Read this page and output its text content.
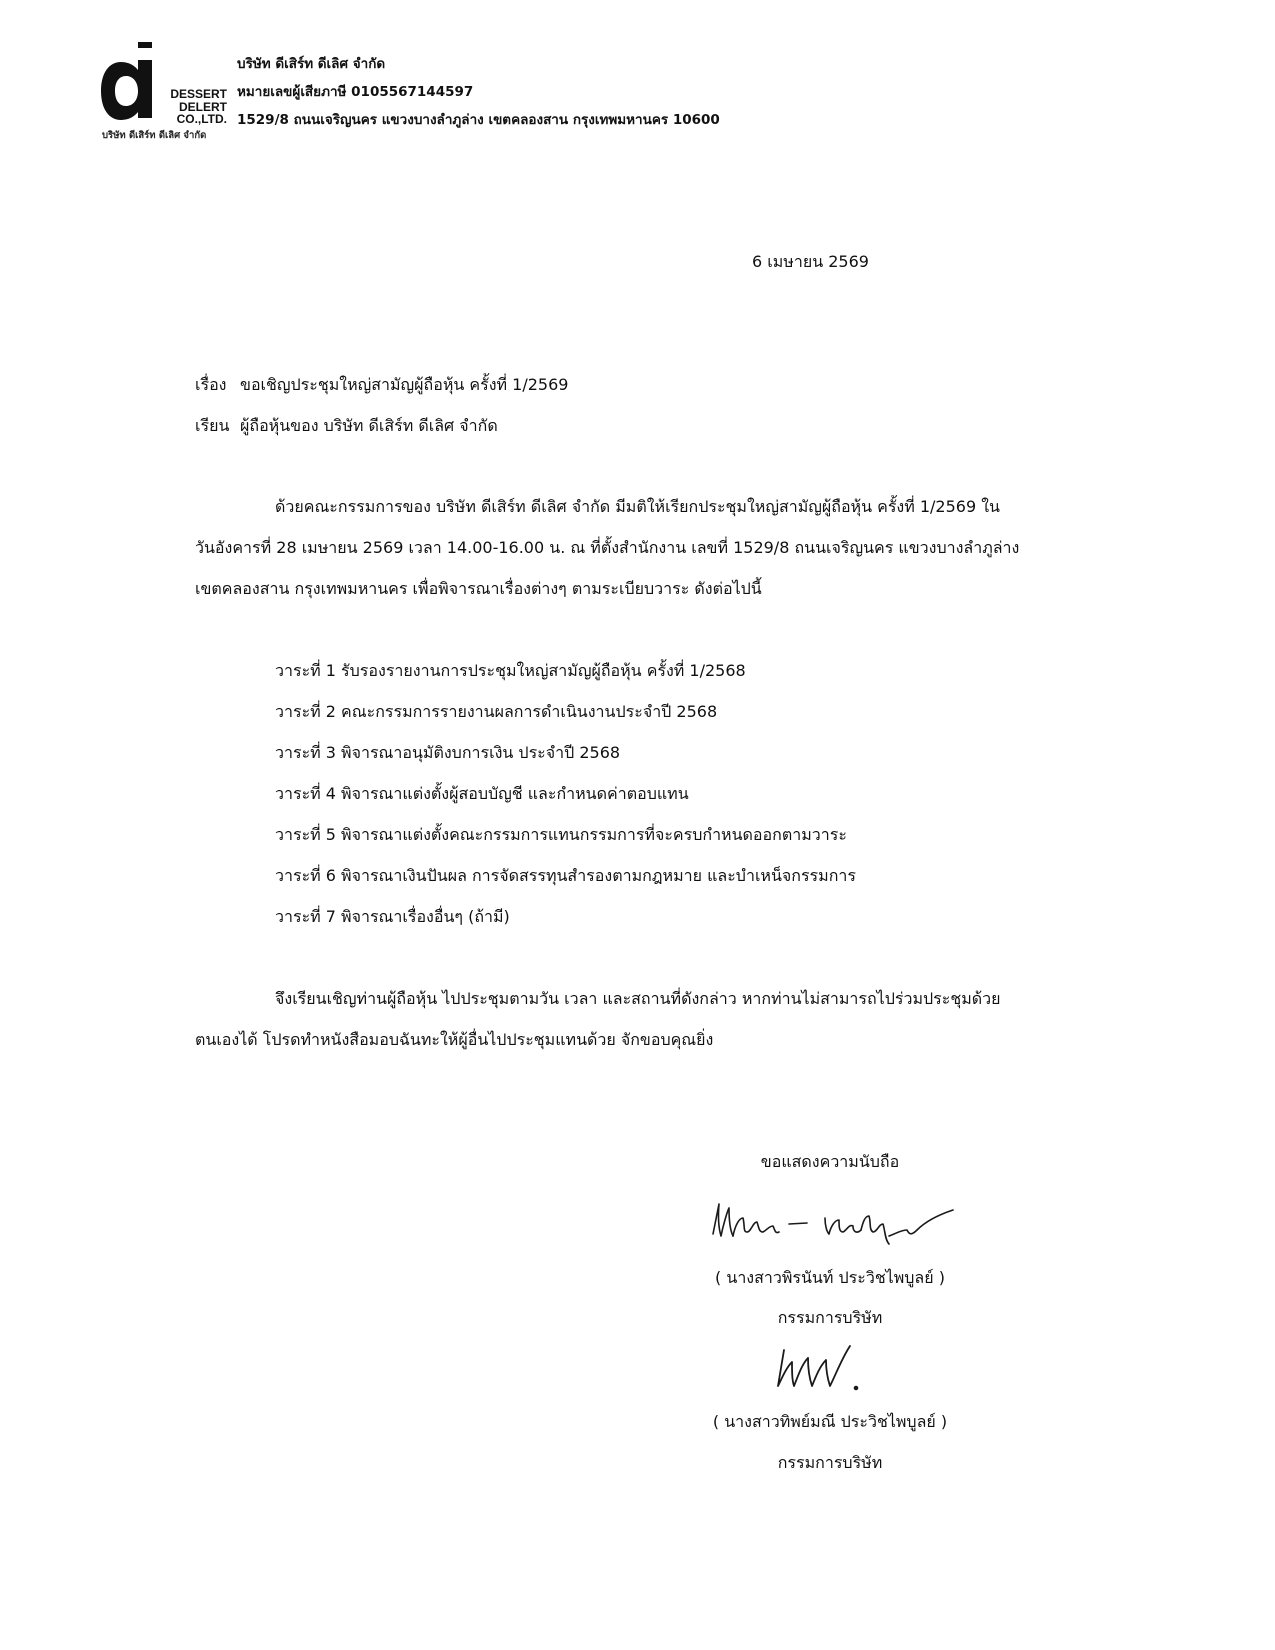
DESSERT
DELERT
CO.,LTD.
บริษัท ดีเสิร์ท ดีเลิศ จำกัด
บริษัท ดีเสิร์ท ดีเลิศ จำกัด
หมายเลขผู้เสียภาษี 0105567144597
1529/8 ถนนเจริญนคร แขวงบางลำภูล่าง เขตคลองสาน กรุงเทพมหานคร 10600
6 เมษายน 2569
เรื่อง ขอเชิญประชุมใหญ่สามัญผู้ถือหุ้น ครั้งที่ 1/2569
เรียน ผู้ถือหุ้นของ บริษัท ดีเสิร์ท ดีเลิศ จำกัด
ด้วยคณะกรรมการของ บริษัท ดีเสิร์ท ดีเลิศ จำกัด มีมติให้เรียกประชุมใหญ่สามัญผู้ถือหุ้น ครั้งที่ 1/2569 ใน
วันอังคารที่ 28 เมษายน 2569 เวลา 14.00-16.00 น. ณ ที่ตั้งสำนักงาน เลขที่ 1529/8 ถนนเจริญนคร แขวงบางลำภูล่าง
เขตคลองสาน กรุงเทพมหานคร เพื่อพิจารณาเรื่องต่างๆ ตามระเบียบวาระ ดังต่อไปนี้
วาระที่ 1 รับรองรายงานการประชุมใหญ่สามัญผู้ถือหุ้น ครั้งที่ 1/2568
วาระที่ 2 คณะกรรมการรายงานผลการดำเนินงานประจำปี 2568
วาระที่ 3 พิจารณาอนุมัติงบการเงิน ประจำปี 2568
วาระที่ 4 พิจารณาแต่งตั้งผู้สอบบัญชี และกำหนดค่าตอบแทน
วาระที่ 5 พิจารณาแต่งตั้งคณะกรรมการแทนกรรมการที่จะครบกำหนดออกตามวาระ
วาระที่ 6 พิจารณาเงินปันผล การจัดสรรทุนสำรองตามกฎหมาย และบำเหน็จกรรมการ
วาระที่ 7 พิจารณาเรื่องอื่นๆ (ถ้ามี)
จึงเรียนเชิญท่านผู้ถือหุ้น ไปประชุมตามวัน เวลา และสถานที่ดังกล่าว หากท่านไม่สามารถไปร่วมประชุมด้วย
ตนเองได้ โปรดทำหนังสือมอบฉันทะให้ผู้อื่นไปประชุมแทนด้วย จักขอบคุณยิ่ง
ขอแสดงความนับถือ
( นางสาวพิรนันท์ ประวิชไพบูลย์ )
กรรมการบริษัท
( นางสาวทิพย์มณี ประวิชไพบูลย์ )
กรรมการบริษัท
